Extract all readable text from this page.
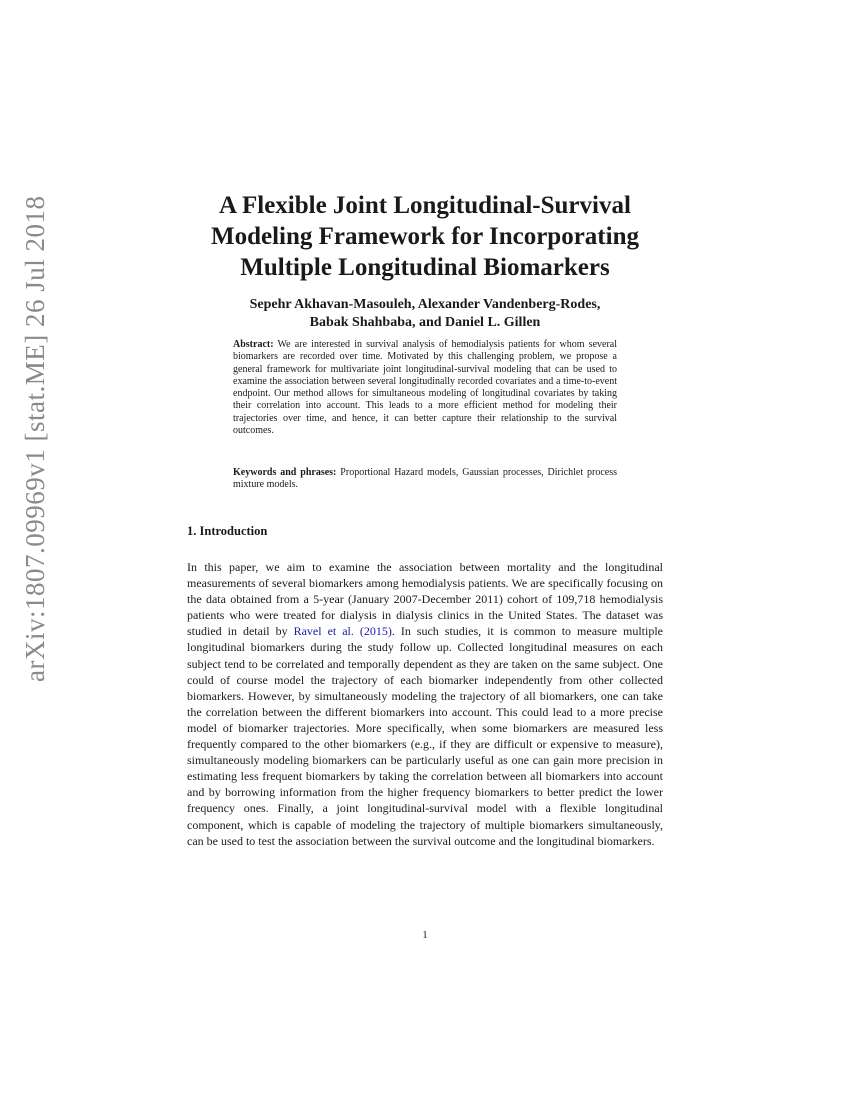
arXiv:1807.09969v1 [stat.ME] 26 Jul 2018	A Flexible Joint Longitudinal-Survival
Modeling Framework for Incorporating
Multiple Longitudinal Biomarkers
Sepehr Akhavan-Masouleh, Alexander Vandenberg-Rodes,
Babak Shahbaba, and Daniel L. Gillen

Abstract: We are interested in survival analysis of hemodialysis patients for whom several biomarkers are recorded over time. Motivated by this challenging problem, we propose a general framework for multivariate joint longitudinal-survival modeling that can be used to examine the association between several longitudinally recorded covariates and a time-to-event endpoint. Our method allows for simultaneous modeling of longitudinal covariates by taking their correlation into account. This leads to a more efficient method for modeling their trajectories over time, and hence, it can better capture their relationship to the survival outcomes.

Keywords and phrases: Proportional Hazard models, Gaussian processes, Dirichlet process mixture models.
1. Introduction

In this paper, we aim to examine the association between mortality and the longitudinal measurements of several biomarkers among hemodialysis patients. We are specifically focusing on the data obtained from a 5-year (January 2007-December 2011) cohort of 109,718 hemodialysis patients who were treated for dialysis in dialysis clinics in the United States. The dataset was studied in detail by Ravel et al. (2015). In such studies, it is common to measure multiple longitudinal biomarkers during the study follow up. Collected longitudinal measures on each subject tend to be correlated and temporally dependent as they are taken on the same subject. One could of course model the trajectory of each biomarker independently from other collected biomarkers. However, by simultaneously modeling the trajectory of all biomarkers, one can take the correlation between the different biomarkers into account. This could lead to a more precise model of biomarker trajectories. More specifically, when some biomarkers are measured less frequently compared to the other biomarkers (e.g., if they are difficult or expensive to measure), simultaneously modeling biomarkers can be particularly useful as one can gain more precision in estimating less frequent biomarkers by taking the correlation between all biomarkers into account and by borrowing information from the higher frequency biomarkers to better predict the lower frequency ones. Finally, a joint longitudinal-survival model with a flexible longitudinal component, which is capable of modeling the trajectory of multiple biomarkers simultaneously, can be used to test the association between the survival outcome and the longitudinal biomarkers.

1
